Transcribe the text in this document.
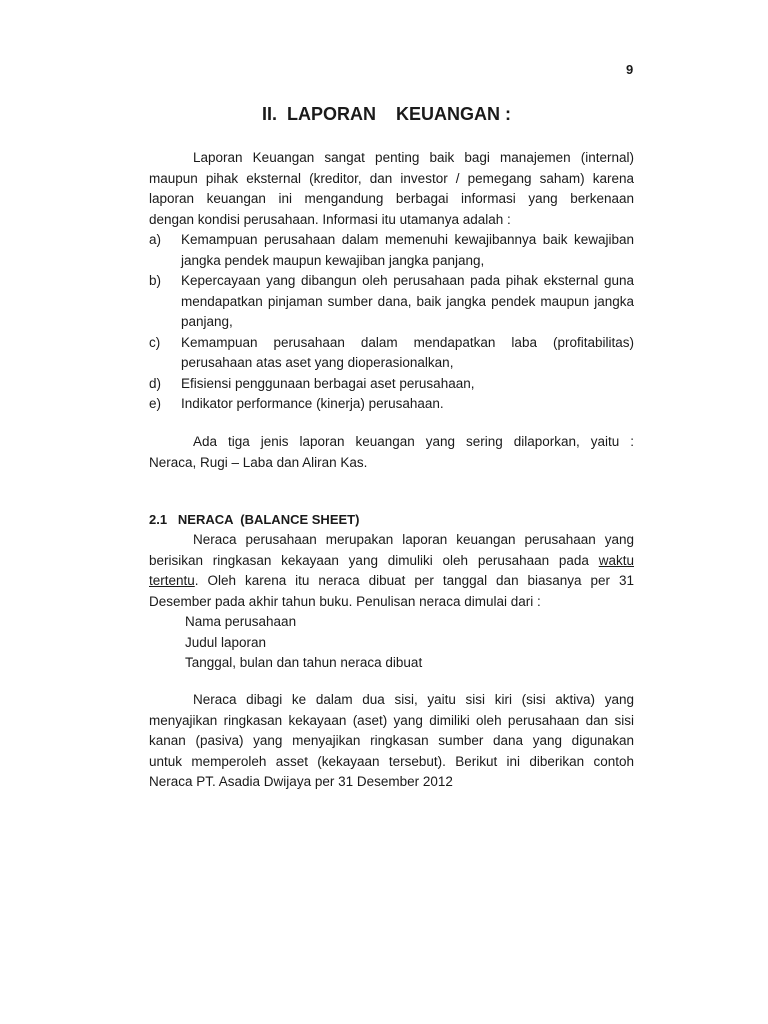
9
II.  LAPORAN    KEUANGAN :
Laporan Keuangan sangat penting baik bagi manajemen (internal)
maupun pihak eksternal (kreditor, dan investor / pemegang saham) karena
laporan keuangan ini mengandung berbagai informasi yang berkenaan
dengan kondisi perusahaan. Informasi itu utamanya adalah :
a) Kemampuan perusahaan dalam memenuhi kewajibannya baik kewajiban jangka pendek maupun kewajiban jangka panjang,
b) Kepercayaan yang dibangun oleh perusahaan pada pihak eksternal guna mendapatkan pinjaman sumber dana, baik jangka pendek maupun jangka panjang,
c) Kemampuan perusahaan dalam mendapatkan laba (profitabilitas) perusahaan atas aset yang dioperasionalkan,
d) Efisiensi penggunaan berbagai aset perusahaan,
e) Indikator performance (kinerja) perusahaan.
Ada tiga jenis laporan keuangan yang sering dilaporkan, yaitu :
Neraca, Rugi – Laba dan Aliran Kas.
2.1   NERACA  (BALANCE SHEET)
Neraca perusahaan merupakan laporan keuangan perusahaan yang
berisikan ringkasan kekayaan yang dimuliki oleh perusahaan pada waktu
tertentu. Oleh karena itu neraca dibuat per tanggal dan biasanya per 31
Desember pada akhir tahun buku. Penulisan neraca dimulai dari :
Nama perusahaan
Judul laporan
Tanggal, bulan dan tahun neraca dibuat
Neraca dibagi ke dalam dua sisi, yaitu sisi kiri (sisi aktiva) yang
menyajikan ringkasan kekayaan (aset) yang dimiliki oleh perusahaan dan sisi
kanan (pasiva) yang menyajikan ringkasan sumber dana yang digunakan
untuk memperoleh asset (kekayaan tersebut). Berikut ini diberikan contoh
Neraca PT. Asadia Dwijaya per 31 Desember 2012
